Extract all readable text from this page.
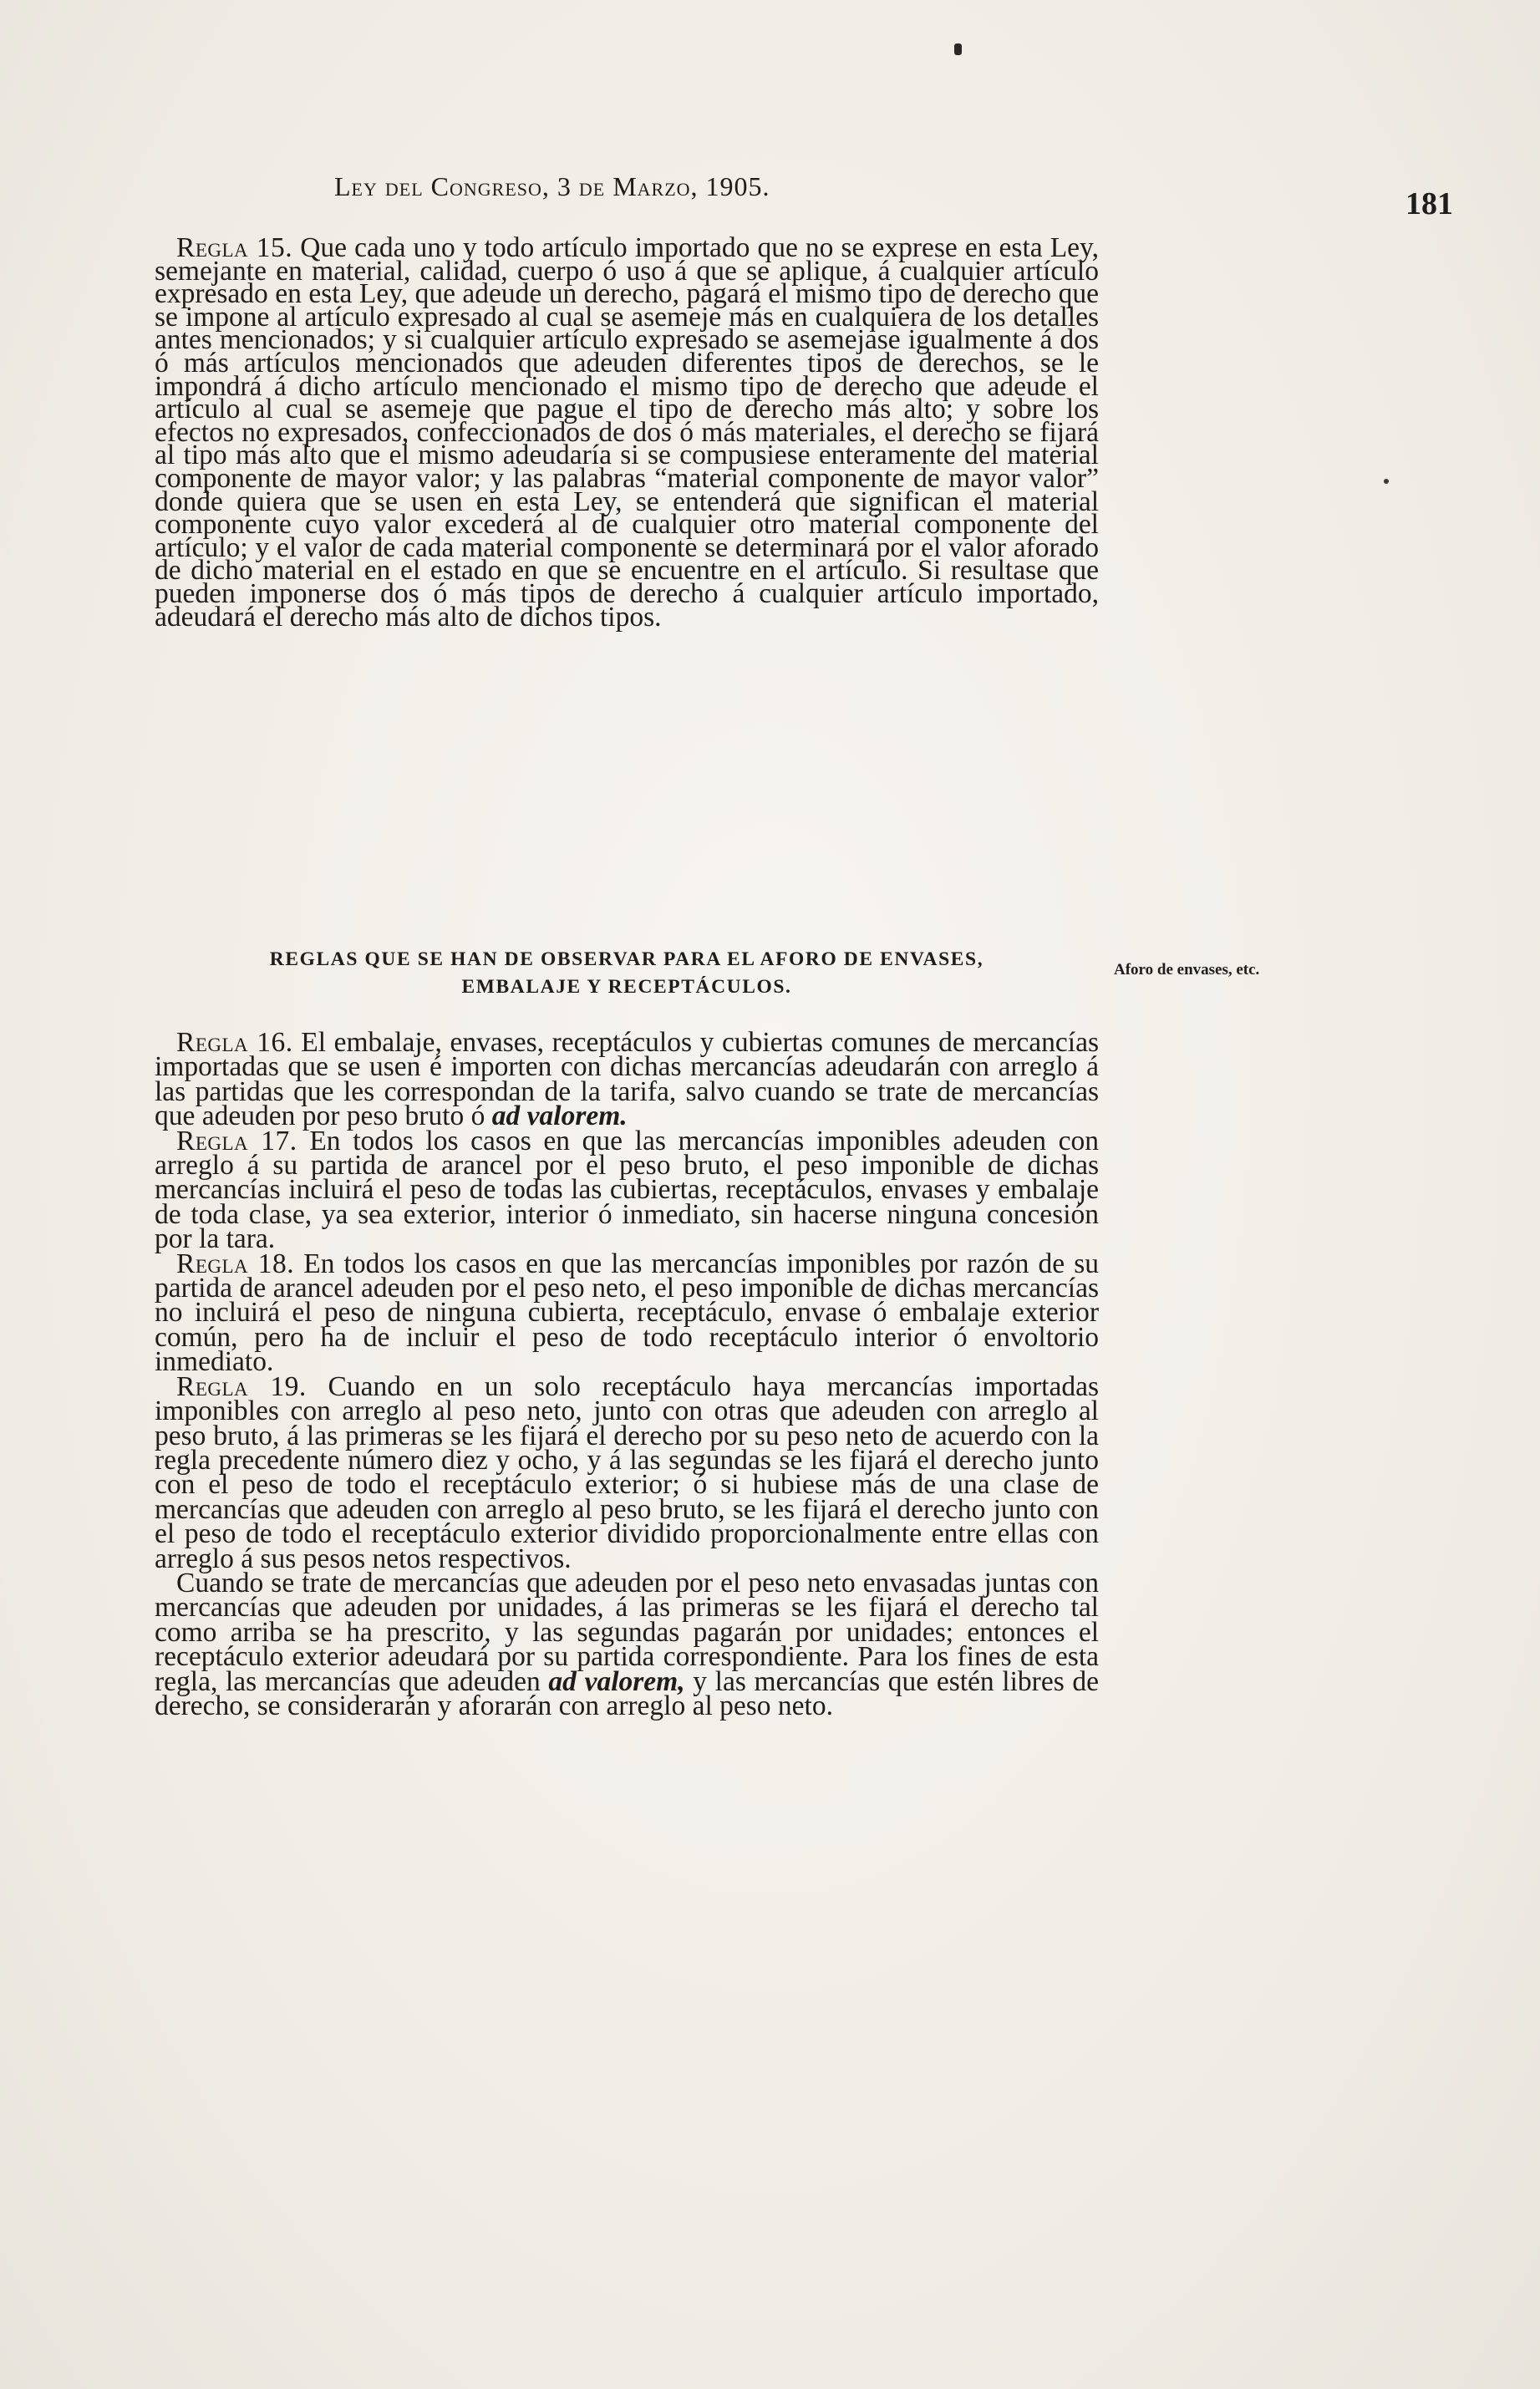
Ley del Congreso, 3 de Marzo, 1905.	181

Regla 15. Que cada uno y todo artículo importado que no se exprese en esta Ley, semejante en material, calidad, cuerpo ó uso á que se aplique, á cualquier artículo expresado en esta Ley, que adeude un derecho, pagará el mismo tipo de derecho que se impone al artículo expresado al cual se asemeje más en cualquiera de los detalles antes mencionados; y si cualquier artículo expresado se asemejase igualmente á dos ó más artículos mencionados que adeuden diferentes tipos de derechos, se le impondrá á dicho artículo mencionado el mismo tipo de derecho que adeude el artículo al cual se asemeje que pague el tipo de derecho más alto; y sobre los efectos no expresados, confeccionados de dos ó más materiales, el derecho se fijará al tipo más alto que el mismo adeudaría si se compusiese enteramente del material componente de mayor valor; y las palabras “material componente de mayor valor” donde quiera que se usen en esta Ley, se entenderá que significan el material componente cuyo valor excederá al de cualquier otro material componente del artículo; y el valor de cada material componente se determinará por el valor aforado de dicho material en el estado en que se encuentre en el artículo. Si resultase que pueden imponerse dos ó más tipos de derecho á cualquier artículo importado, adeudará el derecho más alto de dichos tipos.

REGLAS QUE SE HAN DE OBSERVAR PARA EL AFORO DE ENVASES,
EMBALAJE Y RECEPTÁCULOS.
Aforo de envases, etc.

Regla 16. El embalaje, envases, receptáculos y cubiertas comunes de mercancías importadas que se usen é importen con dichas mercancías adeudarán con arreglo á las partidas que les correspondan de la tarifa, salvo cuando se trate de mercancías que adeuden por peso bruto ó ad valorem.

Regla 17. En todos los casos en que las mercancías imponibles adeuden con arreglo á su partida de arancel por el peso bruto, el peso imponible de dichas mercancías incluirá el peso de todas las cubiertas, receptáculos, envases y embalaje de toda clase, ya sea exterior, interior ó inmediato, sin hacerse ninguna concesión por la tara.

Regla 18. En todos los casos en que las mercancías imponibles por razón de su partida de arancel adeuden por el peso neto, el peso imponible de dichas mercancías no incluirá el peso de ninguna cubierta, receptáculo, envase ó embalaje exterior común, pero ha de incluir el peso de todo receptáculo interior ó envoltorio inmediato.

Regla 19. Cuando en un solo receptáculo haya mercancías importadas imponibles con arreglo al peso neto, junto con otras que adeuden con arreglo al peso bruto, á las primeras se les fijará el derecho por su peso neto de acuerdo con la regla precedente número diez y ocho, y á las segundas se les fijará el derecho junto con el peso de todo el receptáculo exterior; ó si hubiese más de una clase de mercancías que adeuden con arreglo al peso bruto, se les fijará el derecho junto con el peso de todo el receptáculo exterior dividido proporcionalmente entre ellas con arreglo á sus pesos netos respectivos.

Cuando se trate de mercancías que adeuden por el peso neto envasadas juntas con mercancías que adeuden por unidades, á las primeras se les fijará el derecho tal como arriba se ha prescrito, y las segundas pagarán por unidades; entonces el receptáculo exterior adeudará por su partida correspondiente. Para los fines de esta regla, las mercancías que adeuden ad valorem, y las mercancías que estén libres de derecho, se considerarán y aforarán con arreglo al peso neto.
